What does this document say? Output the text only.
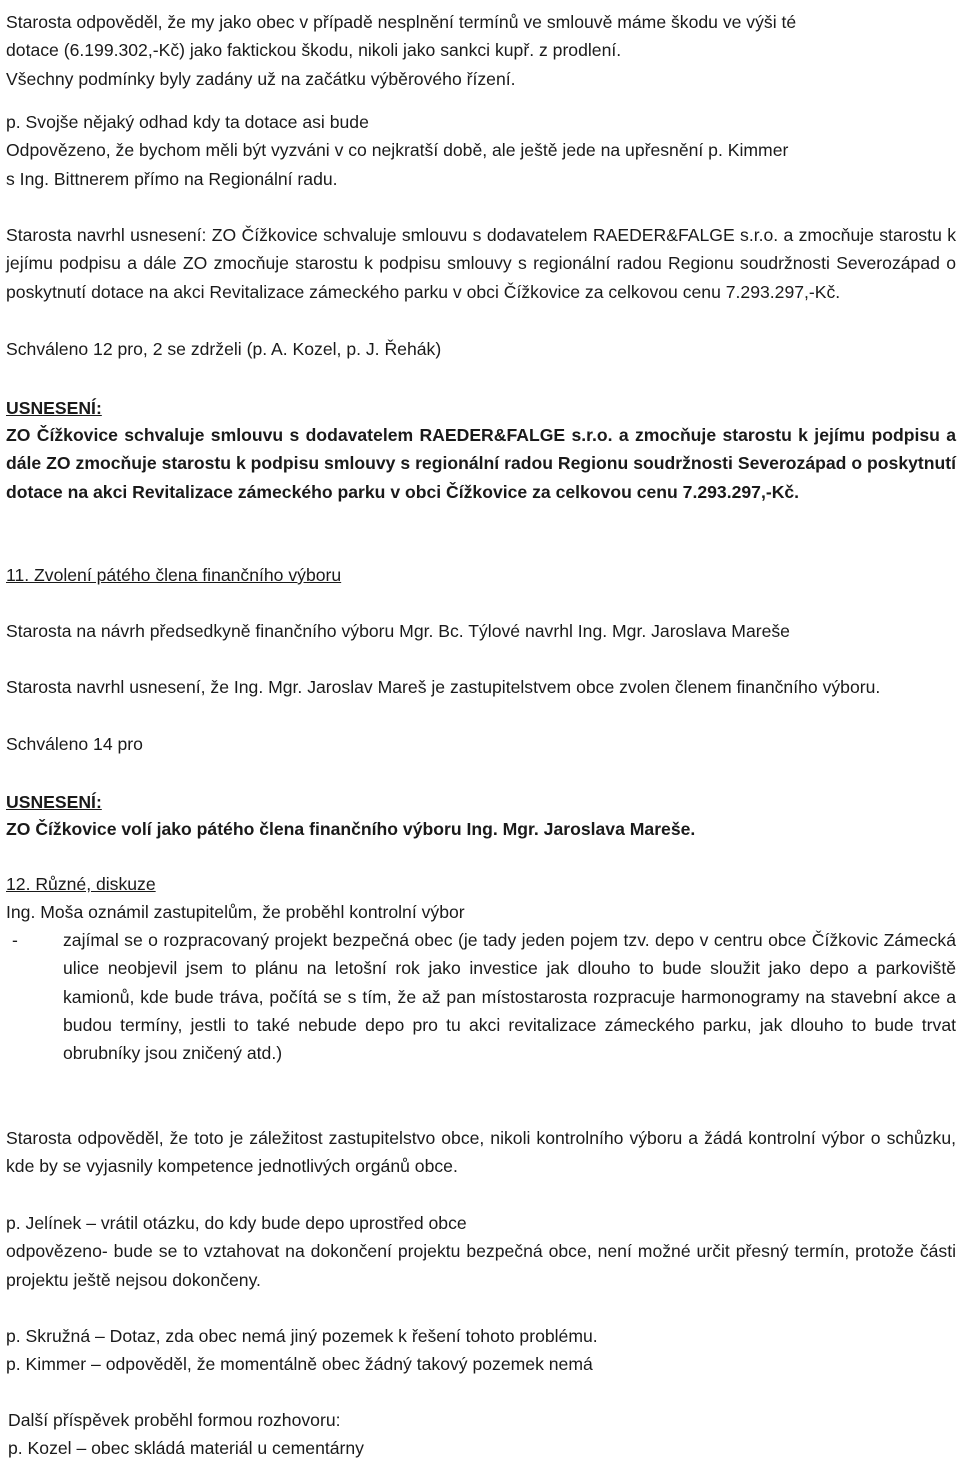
Starosta odpověděl, že my jako obec v případě nesplnění termínů ve smlouvě máme škodu ve výši té
dotace (6.199.302,-Kč) jako faktickou škodu, nikoli jako sankci kupř. z prodlení.
Všechny podmínky byly zadány už na začátku výběrového řízení.
p. Svojše nějaký odhad kdy ta dotace asi bude
Odpovězeno, že bychom měli být vyzváni v co nejkratší době, ale ještě jede na upřesnění p. Kimmer
s Ing. Bittnerem přímo na Regionální radu.
Starosta navrhl usnesení: ZO Čížkovice schvaluje smlouvu s dodavatelem RAEDER&FALGE s.r.o. a zmocňuje starostu k jejímu podpisu a dále ZO zmocňuje starostu k podpisu smlouvy s regionální radou Regionu soudržnosti Severozápad o poskytnutí dotace na akci Revitalizace zámeckého parku v obci Čížkovice za celkovou cenu 7.293.297,-Kč.
Schváleno 12 pro, 2 se zdrželi (p. A. Kozel, p. J. Řehák)
USNESENÍ:
ZO Čížkovice schvaluje smlouvu s dodavatelem RAEDER&FALGE s.r.o. a zmocňuje starostu k jejímu podpisu a dále ZO zmocňuje starostu k podpisu smlouvy s regionální radou Regionu soudržnosti Severozápad o poskytnutí dotace na akci Revitalizace zámeckého parku v obci Čížkovice za celkovou cenu 7.293.297,-Kč.
11. Zvolení pátého člena finančního výboru
Starosta na návrh předsedkyně finančního výboru Mgr. Bc. Týlové navrhl Ing. Mgr. Jaroslava Mareše
Starosta navrhl usnesení, že Ing. Mgr. Jaroslav Mareš je zastupitelstvem obce zvolen členem finančního výboru.
Schváleno 14 pro
USNESENÍ:
ZO Čížkovice volí jako pátého člena finančního výboru Ing. Mgr. Jaroslava Mareše.
12. Různé, diskuze
Ing. Moša oznámil zastupitelům, že proběhl kontrolní výbor
-	zajímal se o rozpracovaný projekt bezpečná obec (je tady jeden pojem tzv. depo v centru obce Čížkovic Zámecká ulice neobjevil jsem to plánu na letošní rok jako investice jak dlouho to bude sloužit jako depo a parkoviště kamionů, kde bude tráva, počítá se s tím, že až pan místostarosta rozpracuje harmonogramy na stavební akce a budou termíny, jestli to také nebude depo pro tu akci revitalizace zámeckého parku, jak dlouho to bude trvat obrubníky jsou zničený atd.)
Starosta odpověděl, že toto je záležitost zastupitelstvo obce, nikoli kontrolního výboru a žádá kontrolní výbor o schůzku, kde by se vyjasnily kompetence jednotlivých orgánů obce.
p. Jelínek – vrátil otázku, do kdy bude depo uprostřed obce
odpovězeno- bude se to vztahovat na dokončení projektu bezpečná obce, není možné určit přesný termín, protože části projektu ještě nejsou dokončeny.
p. Skružná – Dotaz, zda obec nemá jiný pozemek k řešení tohoto problému.
p. Kimmer – odpověděl, že momentálně obec žádný takový pozemek nemá
Další příspěvek proběhl formou rozhovoru:
p. Kozel – obec skládá materiál u cementárny
